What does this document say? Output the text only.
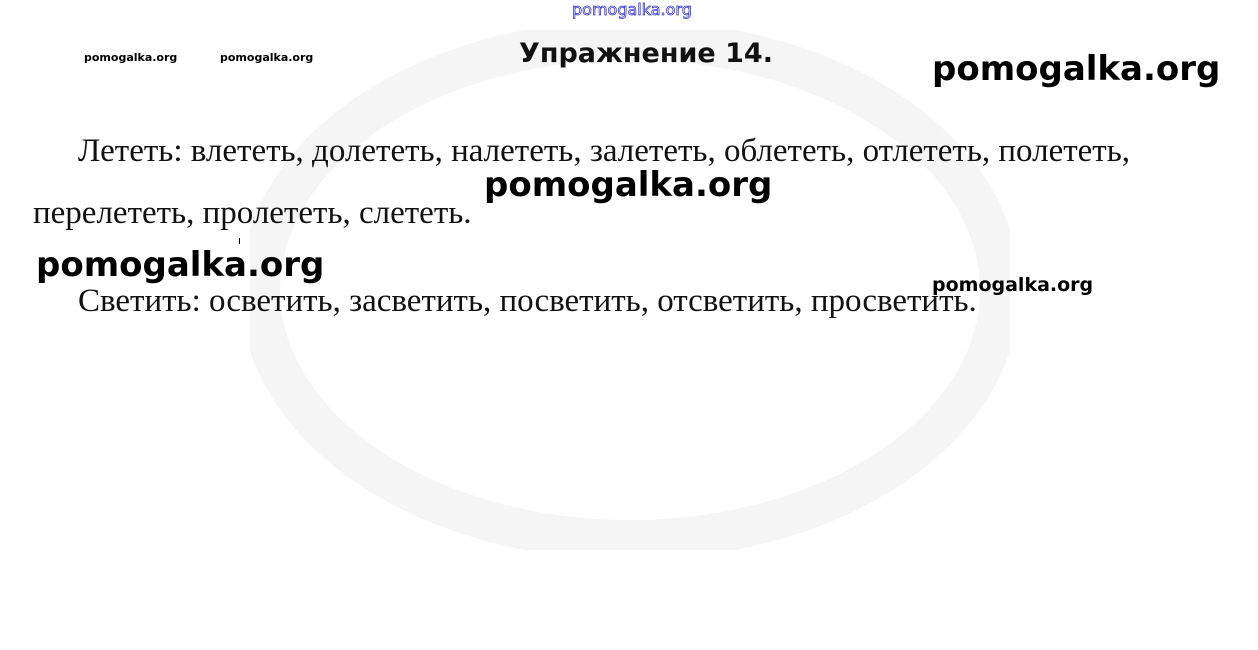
pomogalka.org
pomogalka.org	pomogalka.org	Упражнение 14.	pomogalka.org
Лететь: влететь, долететь, налететь, залететь, облететь, отлететь, полететь,
перелететь, пролететь, слететь.
pomogalka.org
pomogalka.org
Светить: осветить, засветить, посветить, отсветить, просветить.
pomogalka.org
